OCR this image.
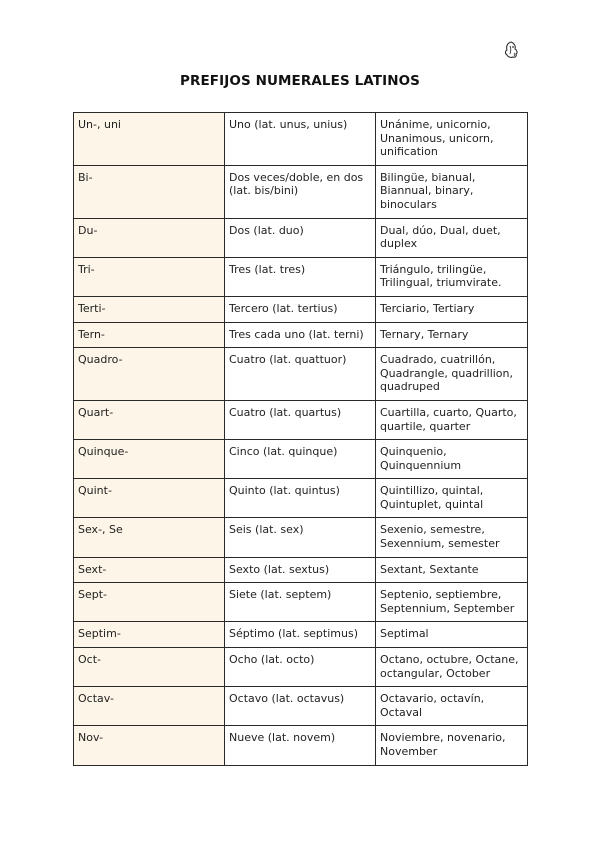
PREFIJOS NUMERALES LATINOS
Un-, uni	Uno (lat. unus, unius)	Unánime, unicornio, Unanimous, unicorn, unification
Bi-	Dos veces/doble, en dos (lat. bis/bini)	Bilingüe, bianual, Biannual, binary, binoculars
Du-	Dos (lat. duo)	Dual, dúo, Dual, duet, duplex
Tri-	Tres (lat. tres)	Triángulo, trilingüe, Trilingual, triumvirate.
Terti-	Tercero (lat. tertius)	Terciario, Tertiary
Tern-	Tres cada uno (lat. terni)	Ternary, Ternary
Quadro-	Cuatro (lat. quattuor)	Cuadrado, cuatrillón, Quadrangle, quadrillion, quadruped
Quart-	Cuatro (lat. quartus)	Cuartilla, cuarto, Quarto, quartile, quarter
Quinque-	Cinco (lat. quinque)	Quinquenio, Quinquennium
Quint-	Quinto (lat. quintus)	Quintillizo, quintal, Quintuplet, quintal
Sex-, Se	Seis (lat. sex)	Sexenio, semestre, Sexennium, semester
Sext-	Sexto (lat. sextus)	Sextant, Sextante
Sept-	Siete (lat. septem)	Septenio, septiembre, Septennium, September
Septim-	Séptimo (lat. septimus)	Septimal
Oct-	Ocho (lat. octo)	Octano, octubre, Octane, octangular, October
Octav-	Octavo (lat. octavus)	Octavario, octavín, Octaval
Nov-	Nueve (lat. novem)	Noviembre, novenario, November
